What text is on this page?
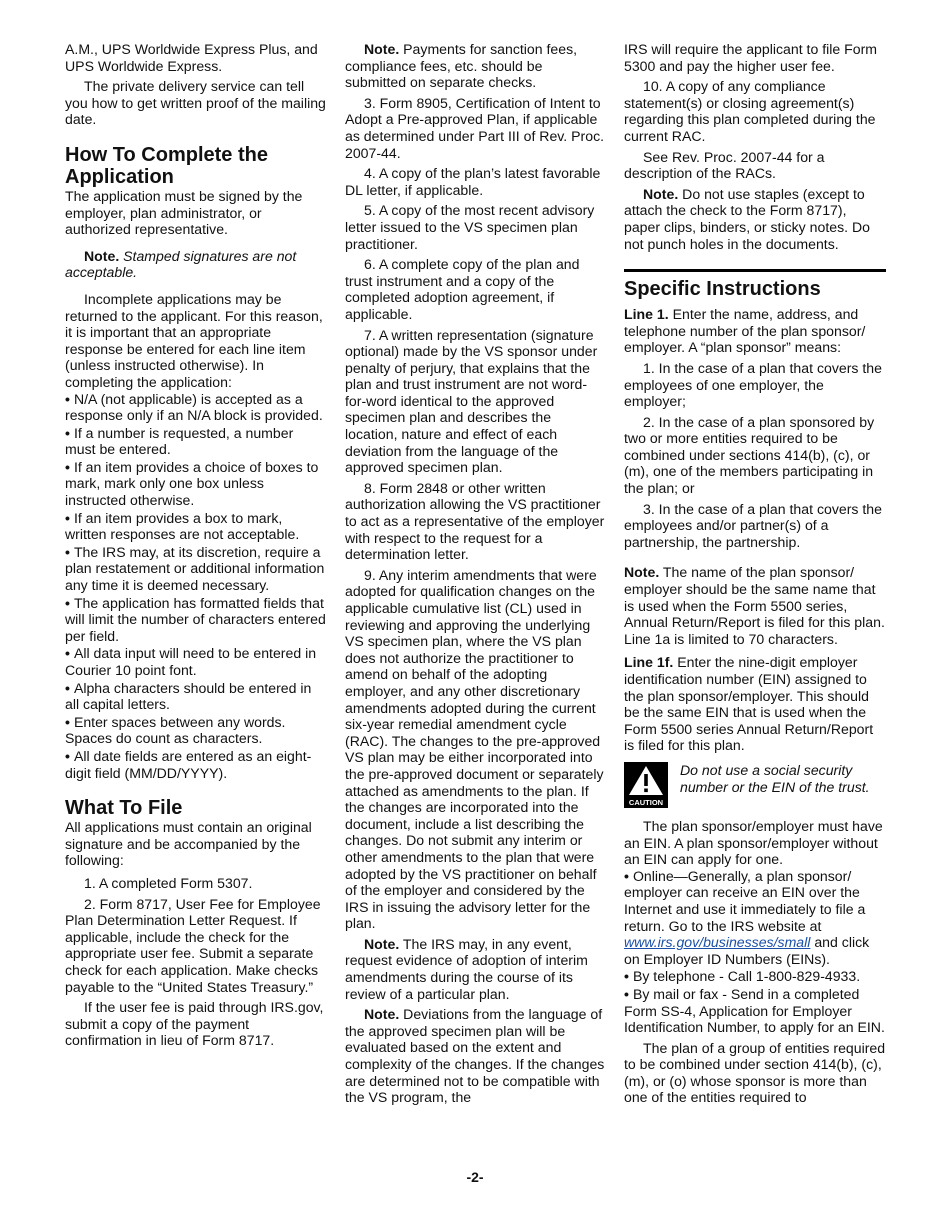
A.M., UPS Worldwide Express Plus, and UPS Worldwide Express.

The private delivery service can tell you how to get written proof of the mailing date.

How To Complete the Application

The application must be signed by the employer, plan administrator, or authorized representative.

Note. Stamped signatures are not acceptable.

Incomplete applications may be returned to the applicant. For this reason, it is important that an appropriate response be entered for each line item (unless instructed otherwise). In completing the application:

• N/A (not applicable) is accepted as a response only if an N/A block is provided.
• If a number is requested, a number must be entered.
• If an item provides a choice of boxes to mark, mark only one box unless instructed otherwise.
• If an item provides a box to mark, written responses are not acceptable.
• The IRS may, at its discretion, require a plan restatement or additional information any time it is deemed necessary.
• The application has formatted fields that will limit the number of characters entered per field.
• All data input will need to be entered in Courier 10 point font.
• Alpha characters should be entered in all capital letters.
• Enter spaces between any words. Spaces do count as characters.
• All date fields are entered as an eight-digit field (MM/DD/YYYY).
What To File

All applications must contain an original signature and be accompanied by the following:

1. A completed Form 5307.

2. Form 8717, User Fee for Employee Plan Determination Letter Request. If applicable, include the check for the appropriate user fee. Submit a separate check for each application. Make checks payable to the “United States Treasury.”

If the user fee is paid through IRS.gov, submit a copy of the payment confirmation in lieu of Form 8717.

Note. Payments for sanction fees, compliance fees, etc. should be submitted on separate checks.

3. Form 8905, Certification of Intent to Adopt a Pre-approved Plan, if applicable as determined under Part III of Rev. Proc. 2007-44.

4. A copy of the plan’s latest favorable DL letter, if applicable.

5. A copy of the most recent advisory letter issued to the VS specimen plan practitioner.

6. A complete copy of the plan and trust instrument and a copy of the completed adoption agreement, if applicable.

7. A written representation (signature optional) made by the VS sponsor under penalty of perjury, that explains that the plan and trust instrument are not word-for-word identical to the approved specimen plan and describes the location, nature and effect of each deviation from the language of the approved specimen plan.

8. Form 2848 or other written authorization allowing the VS practitioner to act as a representative of the employer with respect to the request for a determination letter.

9. Any interim amendments that were adopted for qualification changes on the applicable cumulative list (CL) used in reviewing and approving the underlying VS specimen plan, where the VS plan does not authorize the practitioner to amend on behalf of the adopting employer, and any other discretionary amendments adopted during the current six-year remedial amendment cycle (RAC). The changes to the pre-approved VS plan may be either incorporated into the pre-approved document or separately attached as amendments to the plan. If the changes are incorporated into the document, include a list describing the changes. Do not submit any interim or other amendments to the plan that were adopted by the VS practitioner on behalf of the employer and considered by the IRS in issuing the advisory letter for the plan.

Note. The IRS may, in any event, request evidence of adoption of interim amendments during the course of its review of a particular plan.

Note. Deviations from the language of the approved specimen plan will be evaluated based on the extent and complexity of the changes. If the changes are determined not to be compatible with the VS program, the

IRS will require the applicant to file Form 5300 and pay the higher user fee.

10. A copy of any compliance statement(s) or closing agreement(s) regarding this plan completed during the current RAC.

See Rev. Proc. 2007-44 for a description of the RACs.

Note. Do not use staples (except to attach the check to the Form 8717), paper clips, binders, or sticky notes. Do not punch holes in the documents.

Specific Instructions

Line 1. Enter the name, address, and telephone number of the plan sponsor/ employer. A “plan sponsor” means:

1. In the case of a plan that covers the employees of one employer, the employer;

2. In the case of a plan sponsored by two or more entities required to be combined under sections 414(b), (c), or (m), one of the members participating in the plan; or

3. In the case of a plan that covers the employees and/or partner(s) of a partnership, the partnership.

Note. The name of the plan sponsor/ employer should be the same name that is used when the Form 5500 series, Annual Return/Report is filed for this plan. Line 1a is limited to 70 characters.

Line 1f. Enter the nine-digit employer identification number (EIN) assigned to the plan sponsor/employer. This should be the same EIN that is used when the Form 5500 series Annual Return/Report is filed for this plan.

CAUTION
Do not use a social security number or the EIN of the trust.

The plan sponsor/employer must have an EIN. A plan sponsor/employer without an EIN can apply for one.

• Online—Generally, a plan sponsor/ employer can receive an EIN over the Internet and use it immediately to file a return. Go to the IRS website at www.irs.gov/businesses/small and click on Employer ID Numbers (EINs).
• By telephone - Call 1-800-829-4933.
• By mail or fax - Send in a completed Form SS-4, Application for Employer Identification Number, to apply for an EIN.

The plan of a group of entities required to be combined under section 414(b), (c), (m), or (o) whose sponsor is more than one of the entities required to

-2-
